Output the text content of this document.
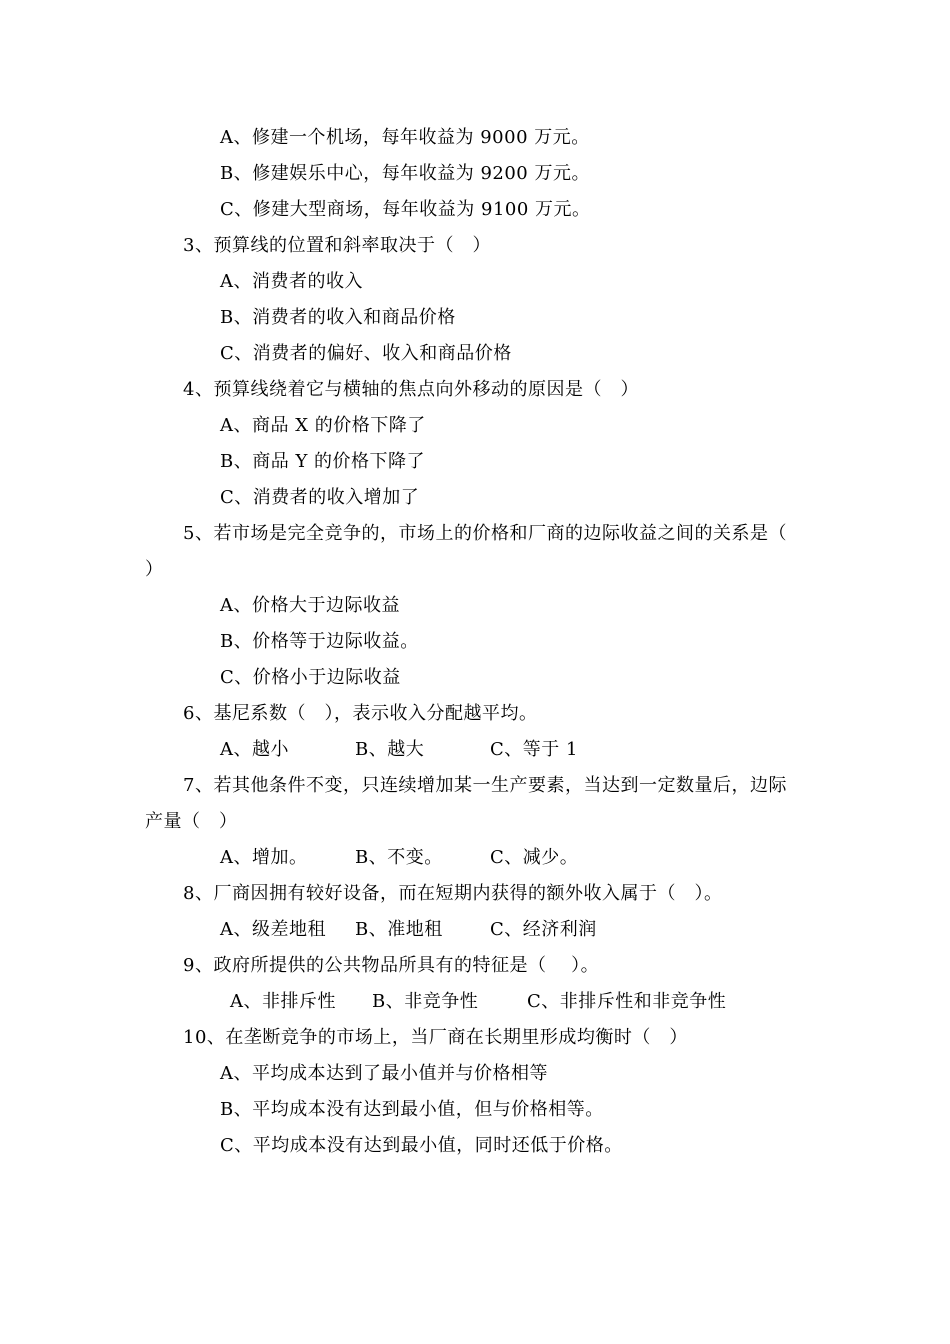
A、修建一个机场，每年收益为 9000 万元。
B、修建娱乐中心，每年收益为 9200 万元。
C、修建大型商场，每年收益为 9100 万元。
3、预算线的位置和斜率取决于（　）
A、消费者的收入
B、消费者的收入和商品价格
C、消费者的偏好、收入和商品价格
4、预算线绕着它与横轴的焦点向外移动的原因是（　）
A、商品 X 的价格下降了
B、商品 Y 的价格下降了
C、消费者的收入增加了
5、若市场是完全竞争的，市场上的价格和厂商的边际收益之间的关系是（
）
A、价格大于边际收益
B、价格等于边际收益。
C、价格小于边际收益
6、基尼系数（　），表示收入分配越平均。
A、越小	B、越大	C、等于 1
7、若其他条件不变，只连续增加某一生产要素，当达到一定数量后，边际
产量（　）
A、增加。	B、不变。	C、减少。
8、厂商因拥有较好设备，而在短期内获得的额外收入属于（　）。
A、级差地租 B、准地租	C、经济利润
9、政府所提供的公共物品所具有的特征是（　 ）。
A、非排斥性 B、非竞争性	C、非排斥性和非竞争性
10、在垄断竞争的市场上，当厂商在长期里形成均衡时（　）
A、平均成本达到了最小值并与价格相等
B、平均成本没有达到最小值，但与价格相等。
C、平均成本没有达到最小值，同时还低于价格。
